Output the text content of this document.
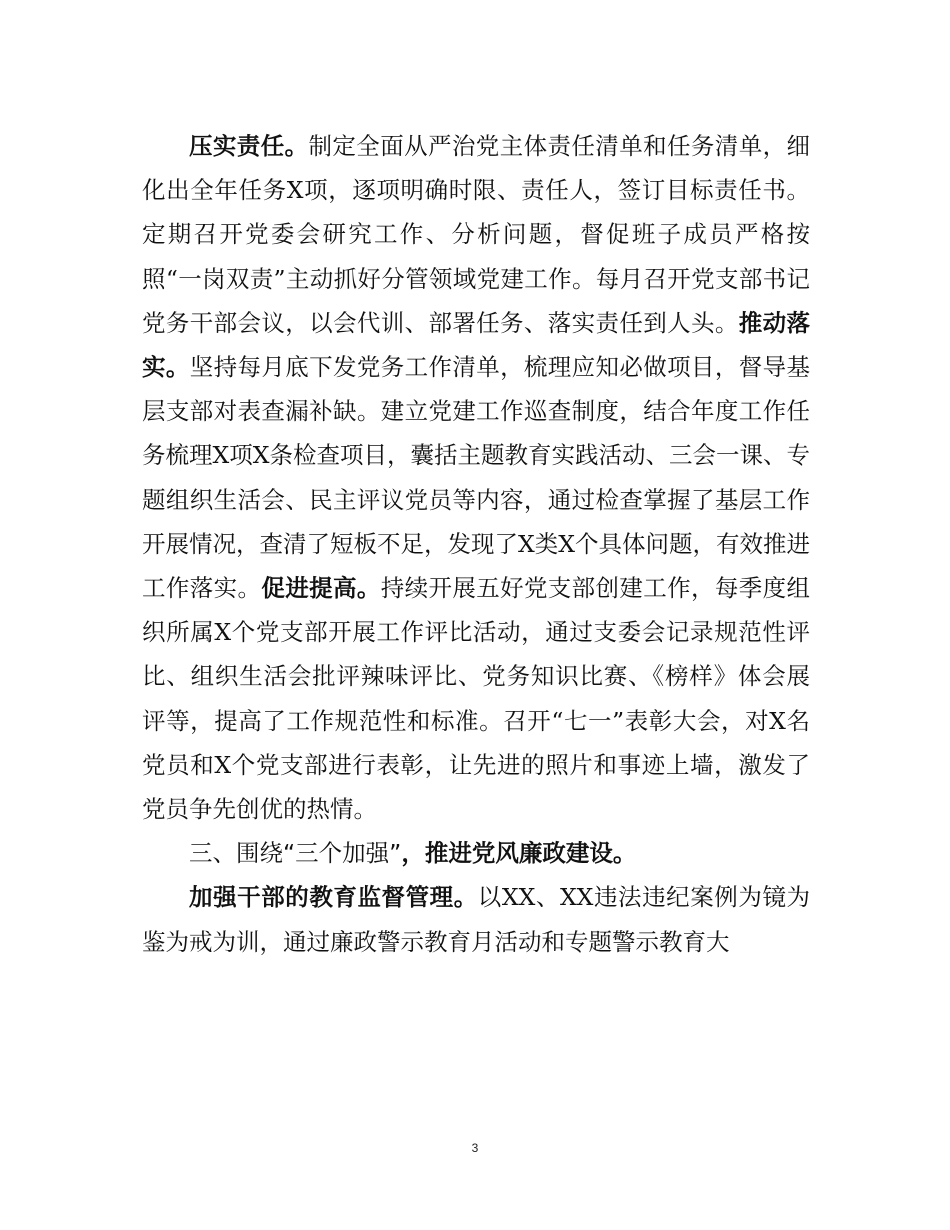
压实责任。制定全面从严治党主体责任清单和任务清单，细化出全年任务X项，逐项明确时限、责任人，签订目标责任书。定期召开党委会研究工作、分析问题，督促班子成员严格按照“一岗双责”主动抓好分管领域党建工作。每月召开党支部书记党务干部会议，以会代训、部署任务、落实责任到人头。推动落实。坚持每月底下发党务工作清单，梳理应知必做项目，督导基层支部对表查漏补缺。建立党建工作巡查制度，结合年度工作任务梳理X项X条检查项目，囊括主题教育实践活动、三会一课、专题组织生活会、民主评议党员等内容，通过检查掌握了基层工作开展情况，查清了短板不足，发现了X类X个具体问题，有效推进工作落实。促进提高。持续开展五好党支部创建工作，每季度组织所属X个党支部开展工作评比活动，通过支委会记录规范性评比、组织生活会批评辣味评比、党务知识比赛、《榜样》体会展评等，提高了工作规范性和标准。召开“七一”表彰大会，对X名党员和X个党支部进行表彰，让先进的照片和事迹上墙，激发了党员争先创优的热情。

三、围绕“三个加强”，推进党风廉政建设。

加强干部的教育监督管理。以XX、XX违法违纪案例为镜为鉴为戒为训，通过廉政警示教育月活动和专题警示教育大

3
